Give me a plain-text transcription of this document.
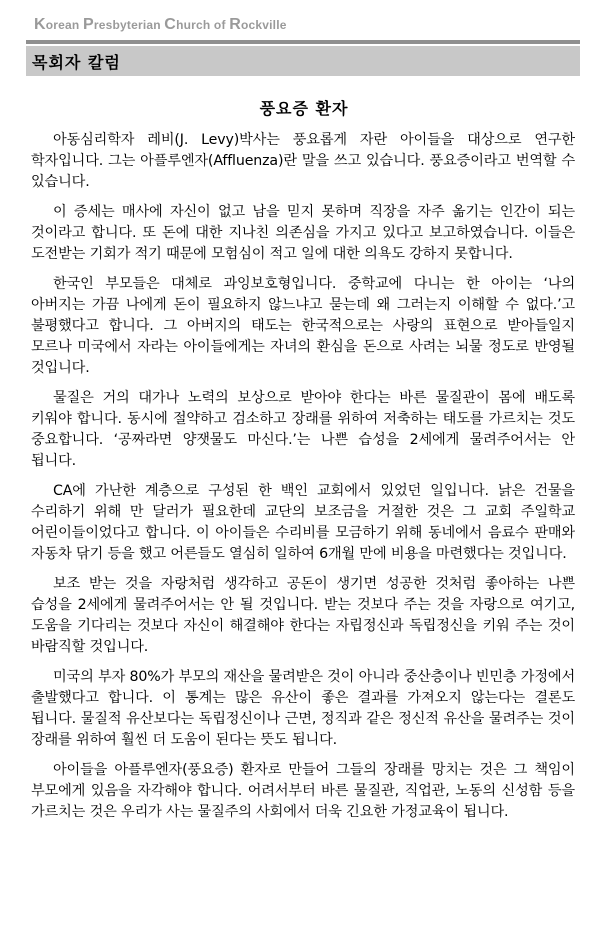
Korean Presbyterian Church of Rockville
목회자 칼럼
풍요증 환자

아동심리학자 레비(J. Levy)박사는 풍요롭게 자란 아이들을 대상으로 연구한 학자입니다. 그는 아플루엔자(Affluenza)란 말을 쓰고 있습니다. 풍요증이라고 번역할 수 있습니다.

이 증세는 매사에 자신이 없고 남을 믿지 못하며 직장을 자주 옮기는 인간이 되는 것이라고 합니다. 또 돈에 대한 지나친 의존심을 가지고 있다고 보고하였습니다. 이들은 도전받는 기회가 적기 때문에 모험심이 적고 일에 대한 의욕도 강하지 못합니다.

한국인 부모들은 대체로 과잉보호형입니다. 중학교에 다니는 한 아이는 ‘나의 아버지는 가끔 나에게 돈이 필요하지 않느냐고 묻는데 왜 그러는지 이해할 수 없다.’고 불평했다고 합니다. 그 아버지의 태도는 한국적으로는 사랑의 표현으로 받아들일지 모르나 미국에서 자라는 아이들에게는 자녀의 환심을 돈으로 사려는 뇌물 정도로 반영될 것입니다.

물질은 거의 대가나 노력의 보상으로 받아야 한다는 바른 물질관이 몸에 배도록 키워야 합니다. 동시에 절약하고 검소하고 장래를 위하여 저축하는 태도를 가르치는 것도 중요합니다. ‘공짜라면 양잿물도 마신다.’는 나쁜 습성을 2세에게 물려주어서는 안 됩니다.

CA에 가난한 계층으로 구성된 한 백인 교회에서 있었던 일입니다. 낡은 건물을 수리하기 위해 만 달러가 필요한데 교단의 보조금을 거절한 것은 그 교회 주일학교 어린이들이었다고 합니다. 이 아이들은 수리비를 모금하기 위해 동네에서 음료수 판매와 자동차 닦기 등을 했고 어른들도 열심히 일하여 6개월 만에 비용을 마련했다는 것입니다.

보조 받는 것을 자랑처럼 생각하고 공돈이 생기면 성공한 것처럼 좋아하는 나쁜 습성을 2세에게 물려주어서는 안 될 것입니다. 받는 것보다 주는 것을 자랑으로 여기고, 도움을 기다리는 것보다 자신이 해결해야 한다는 자립정신과 독립정신을 키워 주는 것이 바람직할 것입니다.

미국의 부자 80%가 부모의 재산을 물려받은 것이 아니라 중산층이나 빈민층 가정에서 출발했다고 합니다. 이 통계는 많은 유산이 좋은 결과를 가져오지 않는다는 결론도 됩니다. 물질적 유산보다는 독립정신이나 근면, 정직과 같은 정신적 유산을 물려주는 것이 장래를 위하여 훨씬 더 도움이 된다는 뜻도 됩니다.

아이들을 아플루엔자(풍요증) 환자로 만들어 그들의 장래를 망치는 것은 그 책임이 부모에게 있음을 자각해야 합니다. 어려서부터 바른 물질관, 직업관, 노동의 신성함 등을 가르치는 것은 우리가 사는 물질주의 사회에서 더욱 긴요한 가정교육이 됩니다.
